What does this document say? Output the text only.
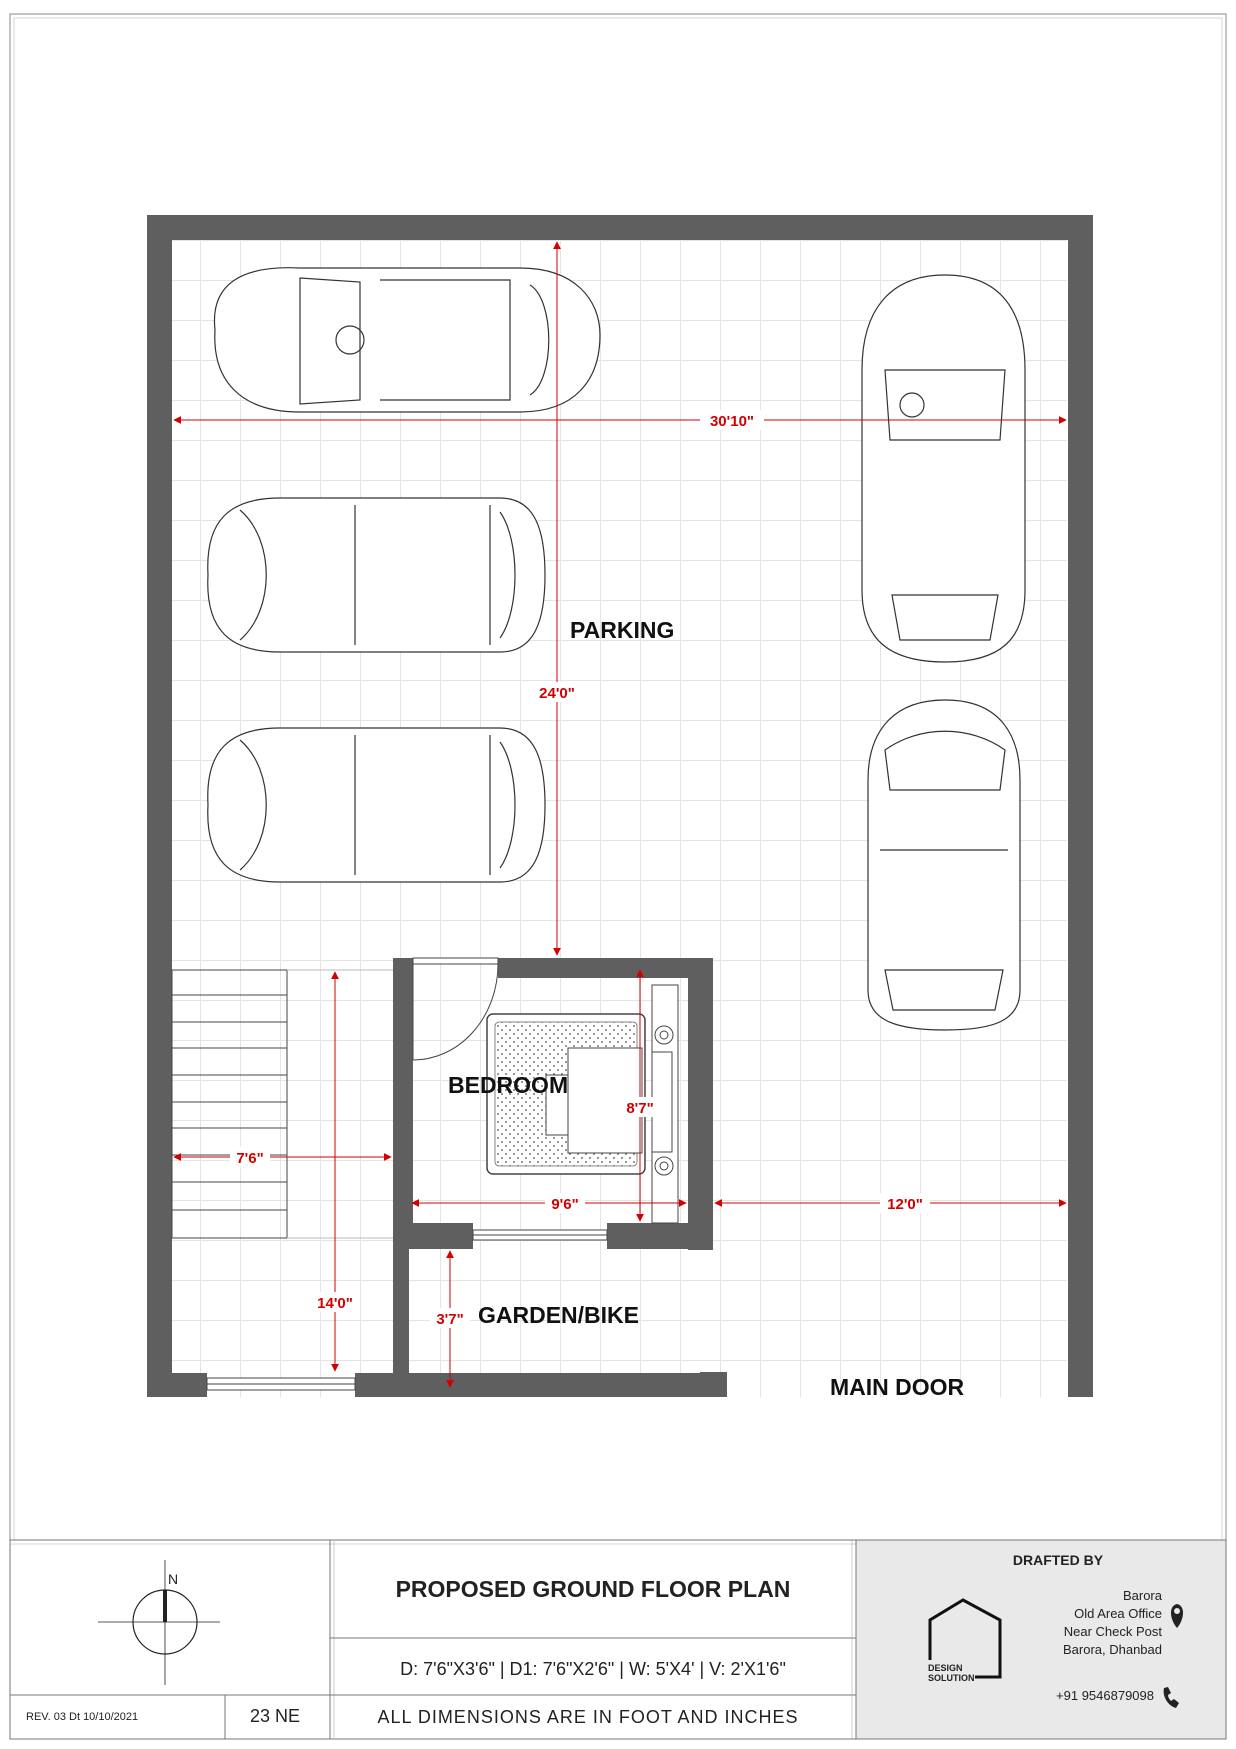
30'10"
24'0"
8'7"
9'6"	12'0"
7'6"
14'0"
3'7"
PARKING
BEDROOM
GARDEN/BIKE
MAIN DOOR
N	PROPOSED GROUND FLOOR PLAN
D: 7'6"X3'6" | D1: 7'6"X2'6" | W: 5'X4' | V: 2'X1'6"
ALL DIMENSIONS ARE IN FOOT AND INCHES
REV. 03 Dt 10/10/2021	23 NE
DRAFTED BY
DESIGN
SOLUTION
Barora
Old Area Office
Near Check Post
Barora, Dhanbad
+91 9546879098
